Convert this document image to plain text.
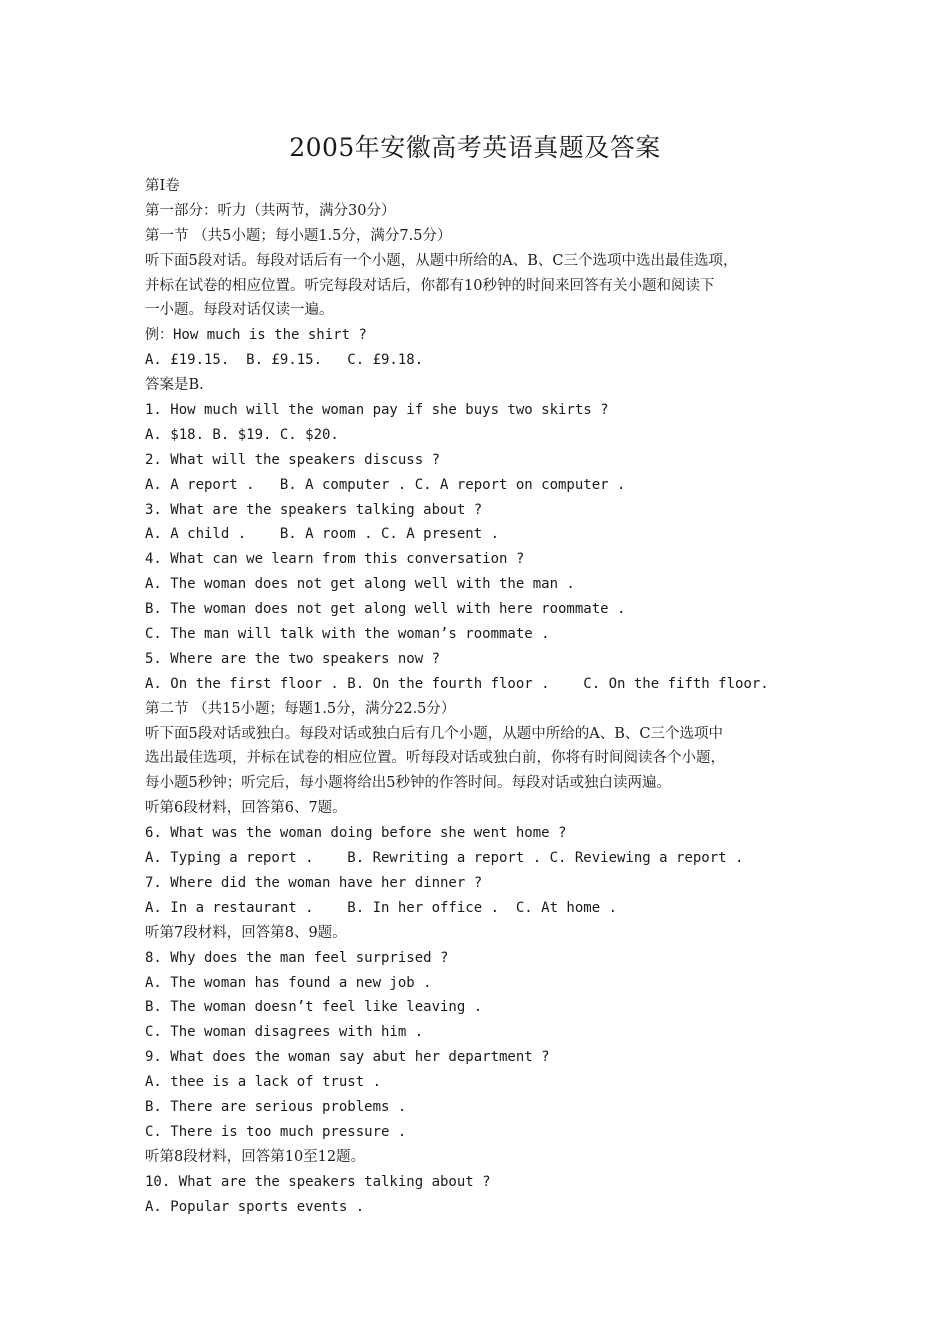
2005年安徽高考英语真题及答案
第Ⅰ卷
第一部分：听力（共两节，满分30分）
第一节 （共5小题；每小题1.5分，满分7.5分）
听下面5段对话。每段对话后有一个小题，从题中所给的A、B、C三个选项中选出最佳选项，
并标在试卷的相应位置。听完每段对话后，你都有10秒钟的时间来回答有关小题和阅读下
一小题。每段对话仅读一遍。
例：How much is the shirt ?
A. £19.15.  B. £9.15.   C. £9.18.
答案是B.
1. How much will the woman pay if she buys two skirts ?
A. $18. B. $19. C. $20.
2. What will the speakers discuss ?
A. A report .   B. A computer . C. A report on computer .
3. What are the speakers talking about ?
A. A child .    B. A room . C. A present .
4. What can we learn from this conversation ?
A. The woman does not get along well with the man .
B. The woman does not get along well with here roommate .
C. The man will talk with the woman’s roommate .
5. Where are the two speakers now ?
A. On the first floor . B. On the fourth floor .    C. On the fifth floor.
第二节 （共15小题；每题1.5分，满分22.5分）
听下面5段对话或独白。每段对话或独白后有几个小题，从题中所给的A、B、C三个选项中
选出最佳选项，并标在试卷的相应位置。听每段对话或独白前，你将有时间阅读各个小题，
每小题5秒钟；听完后，每小题将给出5秒钟的作答时间。每段对话或独白读两遍。
听第6段材料，回答第6、7题。
6. What was the woman doing before she went home ?
A. Typing a report .    B. Rewriting a report . C. Reviewing a report .
7. Where did the woman have her dinner ?
A. In a restaurant .    B. In her office .  C. At home .
听第7段材料，回答第8、9题。
8. Why does the man feel surprised ?
A. The woman has found a new job .
B. The woman doesn’t feel like leaving .
C. The woman disagrees with him .
9. What does the woman say abut her department ?
A. thee is a lack of trust .
B. There are serious problems .
C. There is too much pressure .
听第8段材料，回答第10至12题。
10. What are the speakers talking about ?
A. Popular sports events .
